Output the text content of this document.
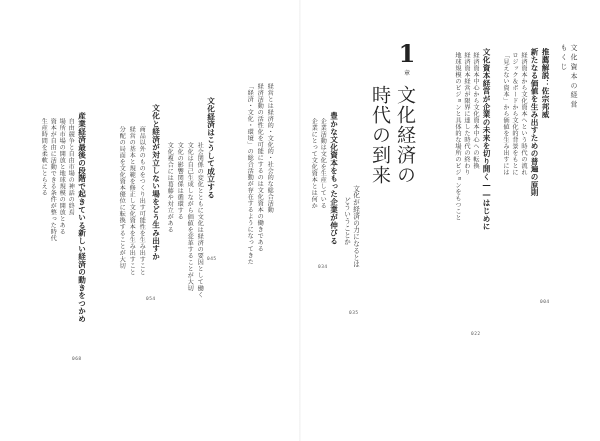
文化資本の経営
もくじ
推薦解説：佐宗邦威
新たなる価値を生み出すための普遍の原則
経済資本から文化資本へという時代の流れ
ロジック＆ボードから文化的背景をもとに
「見えない資本」から価値を生み出すには
004
文化資本経営が企業の未来を切り開く――はじめに
経済資本中心から文化資本中心への転換
経済資本経営が限界に達した時代の終わり
地球規模のビジョンと具体的な場所のビジョンをもつこと
022
1
章
文化経済の
時代の到来
文化が経済の力になるとは
どういうことか
035
豊かな文化資本をもった企業が伸びる
企業活動は文化を生産している
企業にとって文化資本とは何か
034
文化経済はこうして成立する	経営とは経済的・文化的・社会的な総合活動
経済活動の活性化を可能にするのは文化資本の働きである
「経済・文化・環境」の総合活動が存在するようになってきた
045
文化と経済が対立しない場をどう生み出すか	社会関係の変化とともに文化は経済の要因として働く
文化は自己生成しながら価値を変革することが大切
文化の影響関係は循環する
文化複合には葛藤や対立がある
054
産業経済最後の段階で起きている新しい経済の動きをつかめ	商品以外のものをつくり出す可能性を生み出すこと
経営の基本と規範を修正し文化資本を生み出すこと
分配の局面を文化資本優位に転換することが大切
068
自由競争と自由市場の神話の終焉
場所市場の開放と地球規模の開放とある
資本が自由に活動できる条件が整った時代
生産時間を柔軟にとらえる
